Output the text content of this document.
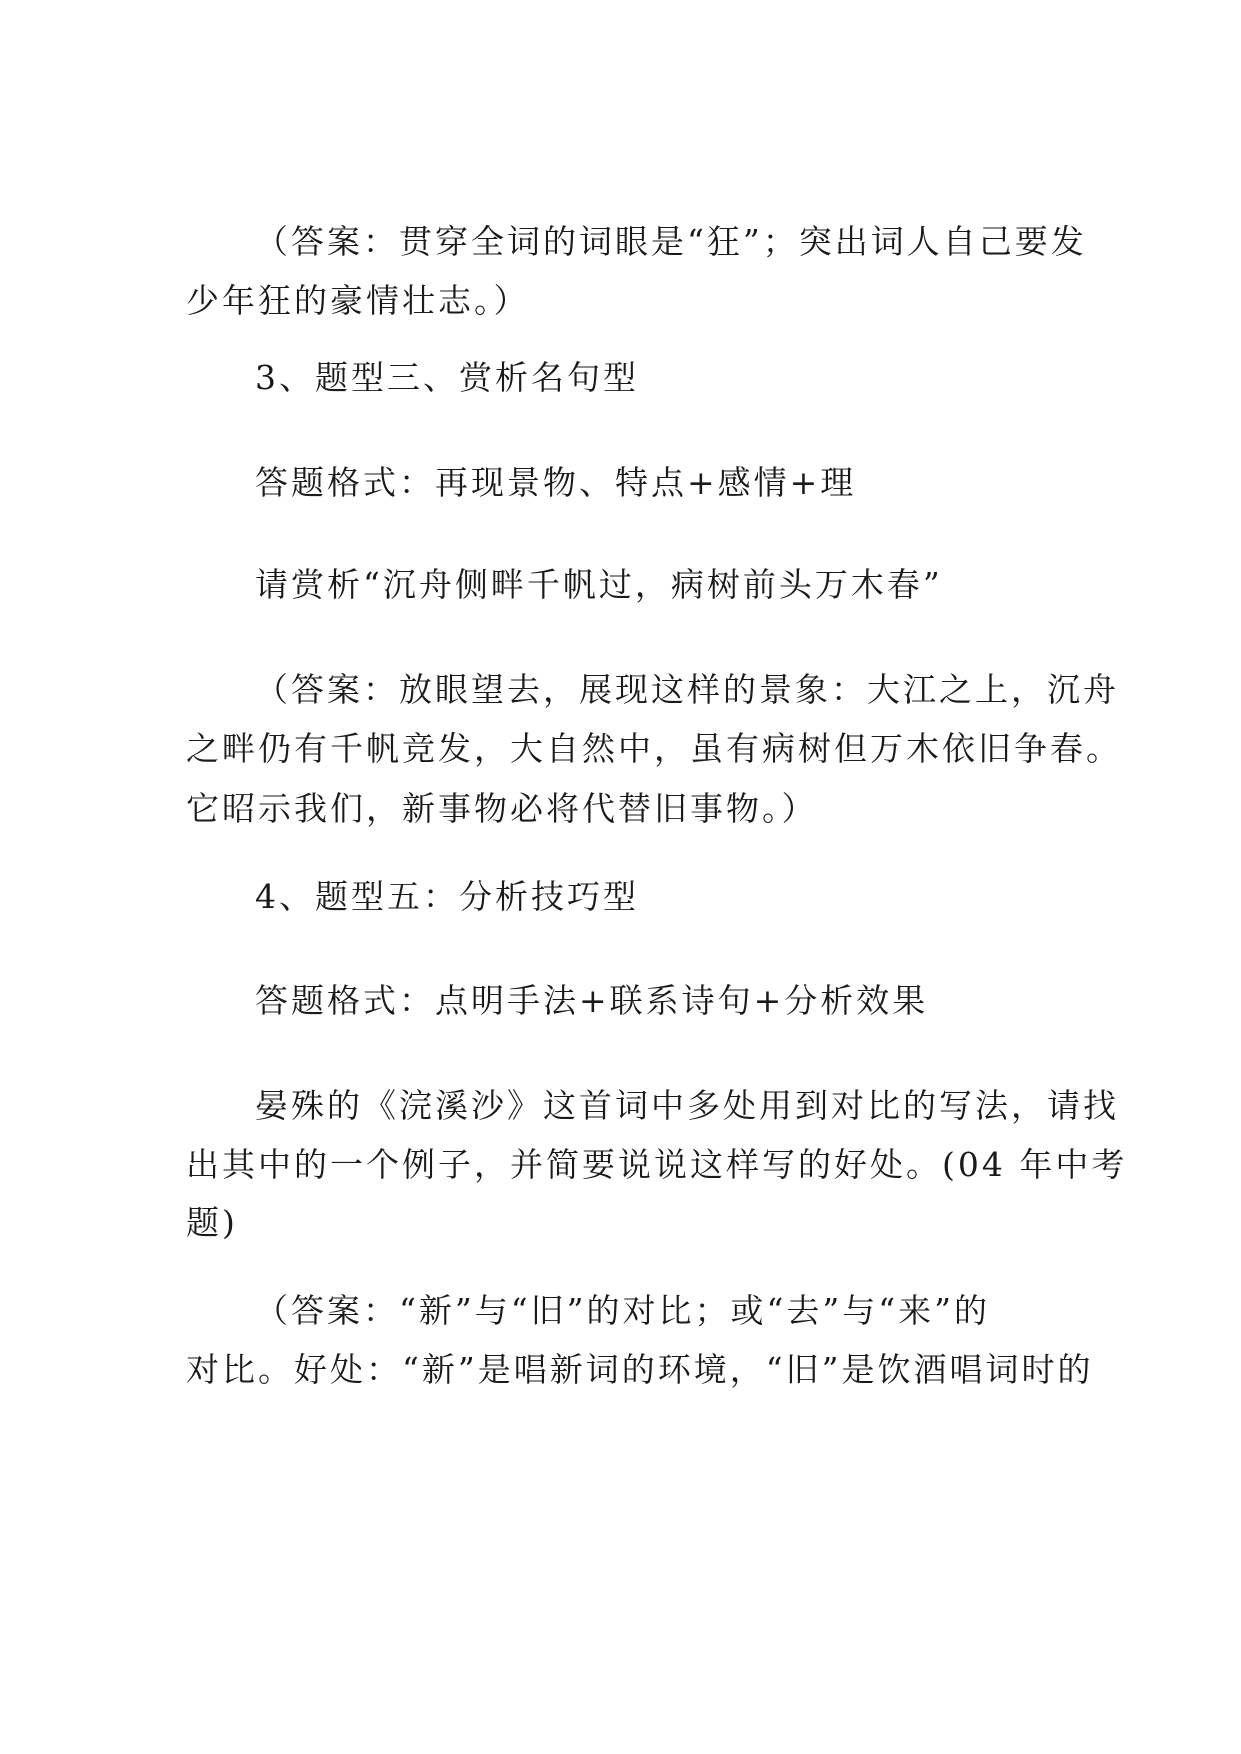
（答案：贯穿全词的词眼是“狂”；突出词人自己要发
少年狂的豪情壮志。）
3、题型三、赏析名句型
答题格式：再现景物、特点+感情+理
请赏析“沉舟侧畔千帆过，病树前头万木春”
（答案：放眼望去，展现这样的景象：大江之上，沉舟
之畔仍有千帆竞发，大自然中，虽有病树但万木依旧争春。
它昭示我们，新事物必将代替旧事物。）
4、题型五：分析技巧型
答题格式：点明手法+联系诗句+分析效果
晏殊的《浣溪沙》这首词中多处用到对比的写法，请找
出其中的一个例子，并简要说说这样写的好处。(04 年中考
题)
（答案：“新”与“旧”的对比；或“去”与“来”的
对比。好处：“新”是唱新词的环境，“旧”是饮酒唱词时的
